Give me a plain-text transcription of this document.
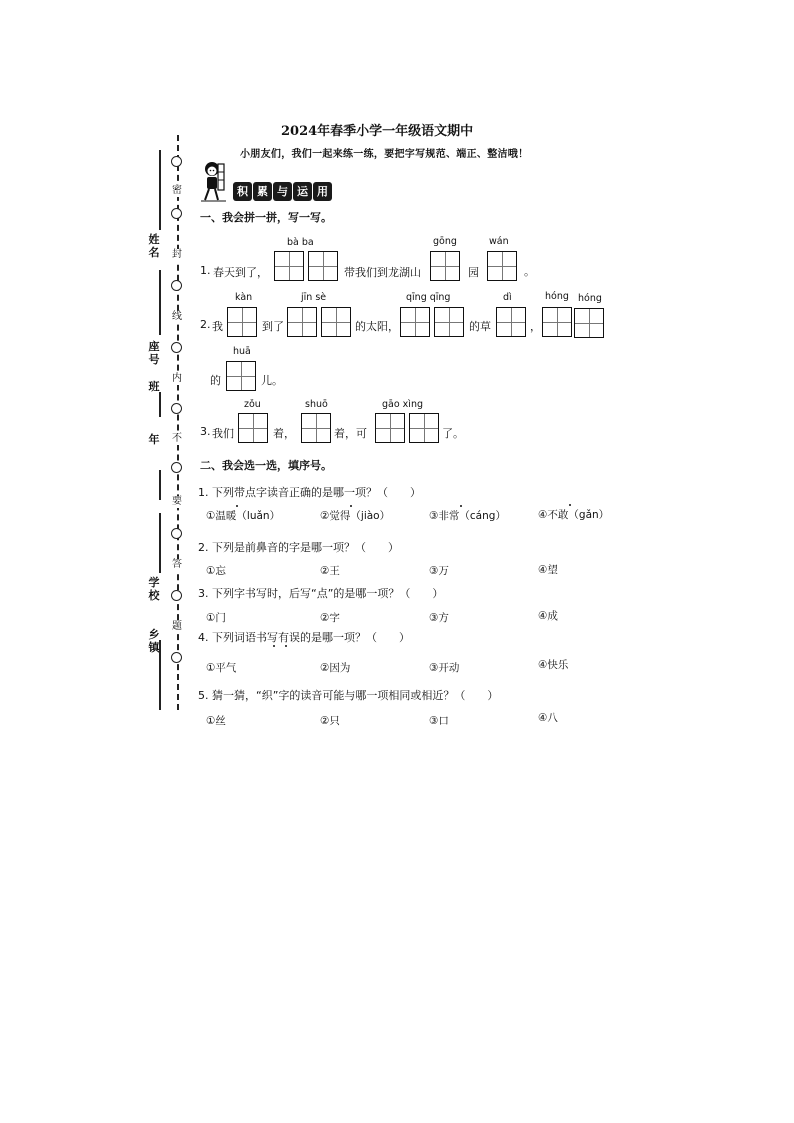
姓名
座号
班
年
学校
乡镇
密
封
线
内
不
要
答
题
2024年春季小学一年级语文期中
小朋友们，我们一起来练一练，要把字写规范、端正、整洁哦！
积 累 与 运 用
一、我会拼一拼，写一写。
1. 春天到了，
bà ba
带我们到龙湖山
gōng
园
wán
。
2. 我
kàn
到了
jīn sè
的太阳，
qīng qīng
的草
dì
，
hóng hóng
的
huā
儿。
3. 我们
zǒu
着，
shuō
着，可
gāo xìng
了。
二、我会选一选，填序号。
1. 下列带点字读音正确的是哪一项？（　　）
①温暖（luǎn）	②觉得（jiào）	③非常（cáng）	④不敢（gǎn）
2. 下列是前鼻音的字是哪一项？（　　）
①忘	②王	③万	④望
3. 下列字书写时，后写“点”的是哪一项？（　　）
①门	②字	③方	④成
4. 下列词语书写有误的是哪一项？（　　）
①平气	②因为	③开动	④快乐
5. 猜一猜，“织”字的读音可能与哪一项相同或相近？（　　）
①丝	②只	③口	④八
